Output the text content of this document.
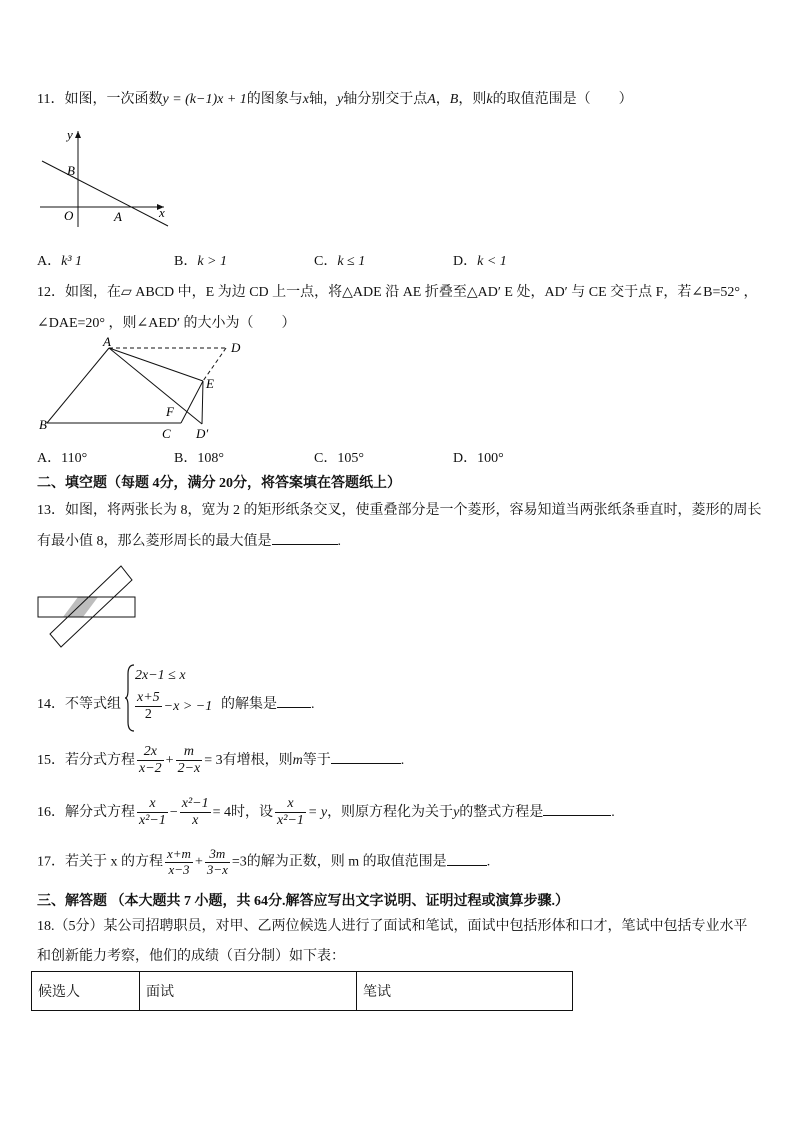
11．如图，一次函数y = (k−1)x + 1的图象与x轴，y轴分别交于点A，B，则k的取值范围是（　　）
y
B
O	A	x
A．k³ 1	B．k > 1	C．k ≤ 1	D．k < 1
12．如图，在▱ ABCD 中，E 为边 CD 上一点，将△ADE 沿 AE 折叠至△AD′ E 处，AD′ 与 CE 交于点 F，若∠B=52° ，
∠DAE=20° ，则∠AED′ 的大小为（　　）
A	D
E
F
B
C D′
A．110°	B．108°	C．105°	D．100°
二、填空题（每题 4分，满分 20分，将答案填在答题纸上）
13．如图，将两张长为 8，宽为 2 的矩形纸条交叉，使重叠部分是一个菱形，容易知道当两张纸条垂直时，菱形的周长
有最小值 8，那么菱形周长的最大值是	.
14．不等式组
2x−1 ≤ x
$\frac{x+5}{2} -x > -1$ 的解集是 .
15．若分式方程 $\frac{2x}{x-2} + \frac{m}{2-x} = 3$有增根，则m等于	.
16．解分式方程 $\frac{x}{\text{x²−1}} - \frac{\text{x²−1}}{x} = 4$时，设 $\frac{x}{\text{x²−1}} = y$，则原方程化为关于y的整式方程是	.
17．若关于 x 的方程 $\frac{x+m}{x-3} + \frac{3m}{3-x} =3$的解为正数，则 m 的取值范围是	.
三、解答题 （本大题共 7 小题，共 64分.解答应写出文字说明、证明过程或演算步骤.）
18.（5分）某公司招聘职员，对甲、乙两位候选人进行了面试和笔试，面试中包括形体和口才，笔试中包括专业水平
和创新能力考察，他们的成绩（百分制）如下表：
候选人	面试	笔试
